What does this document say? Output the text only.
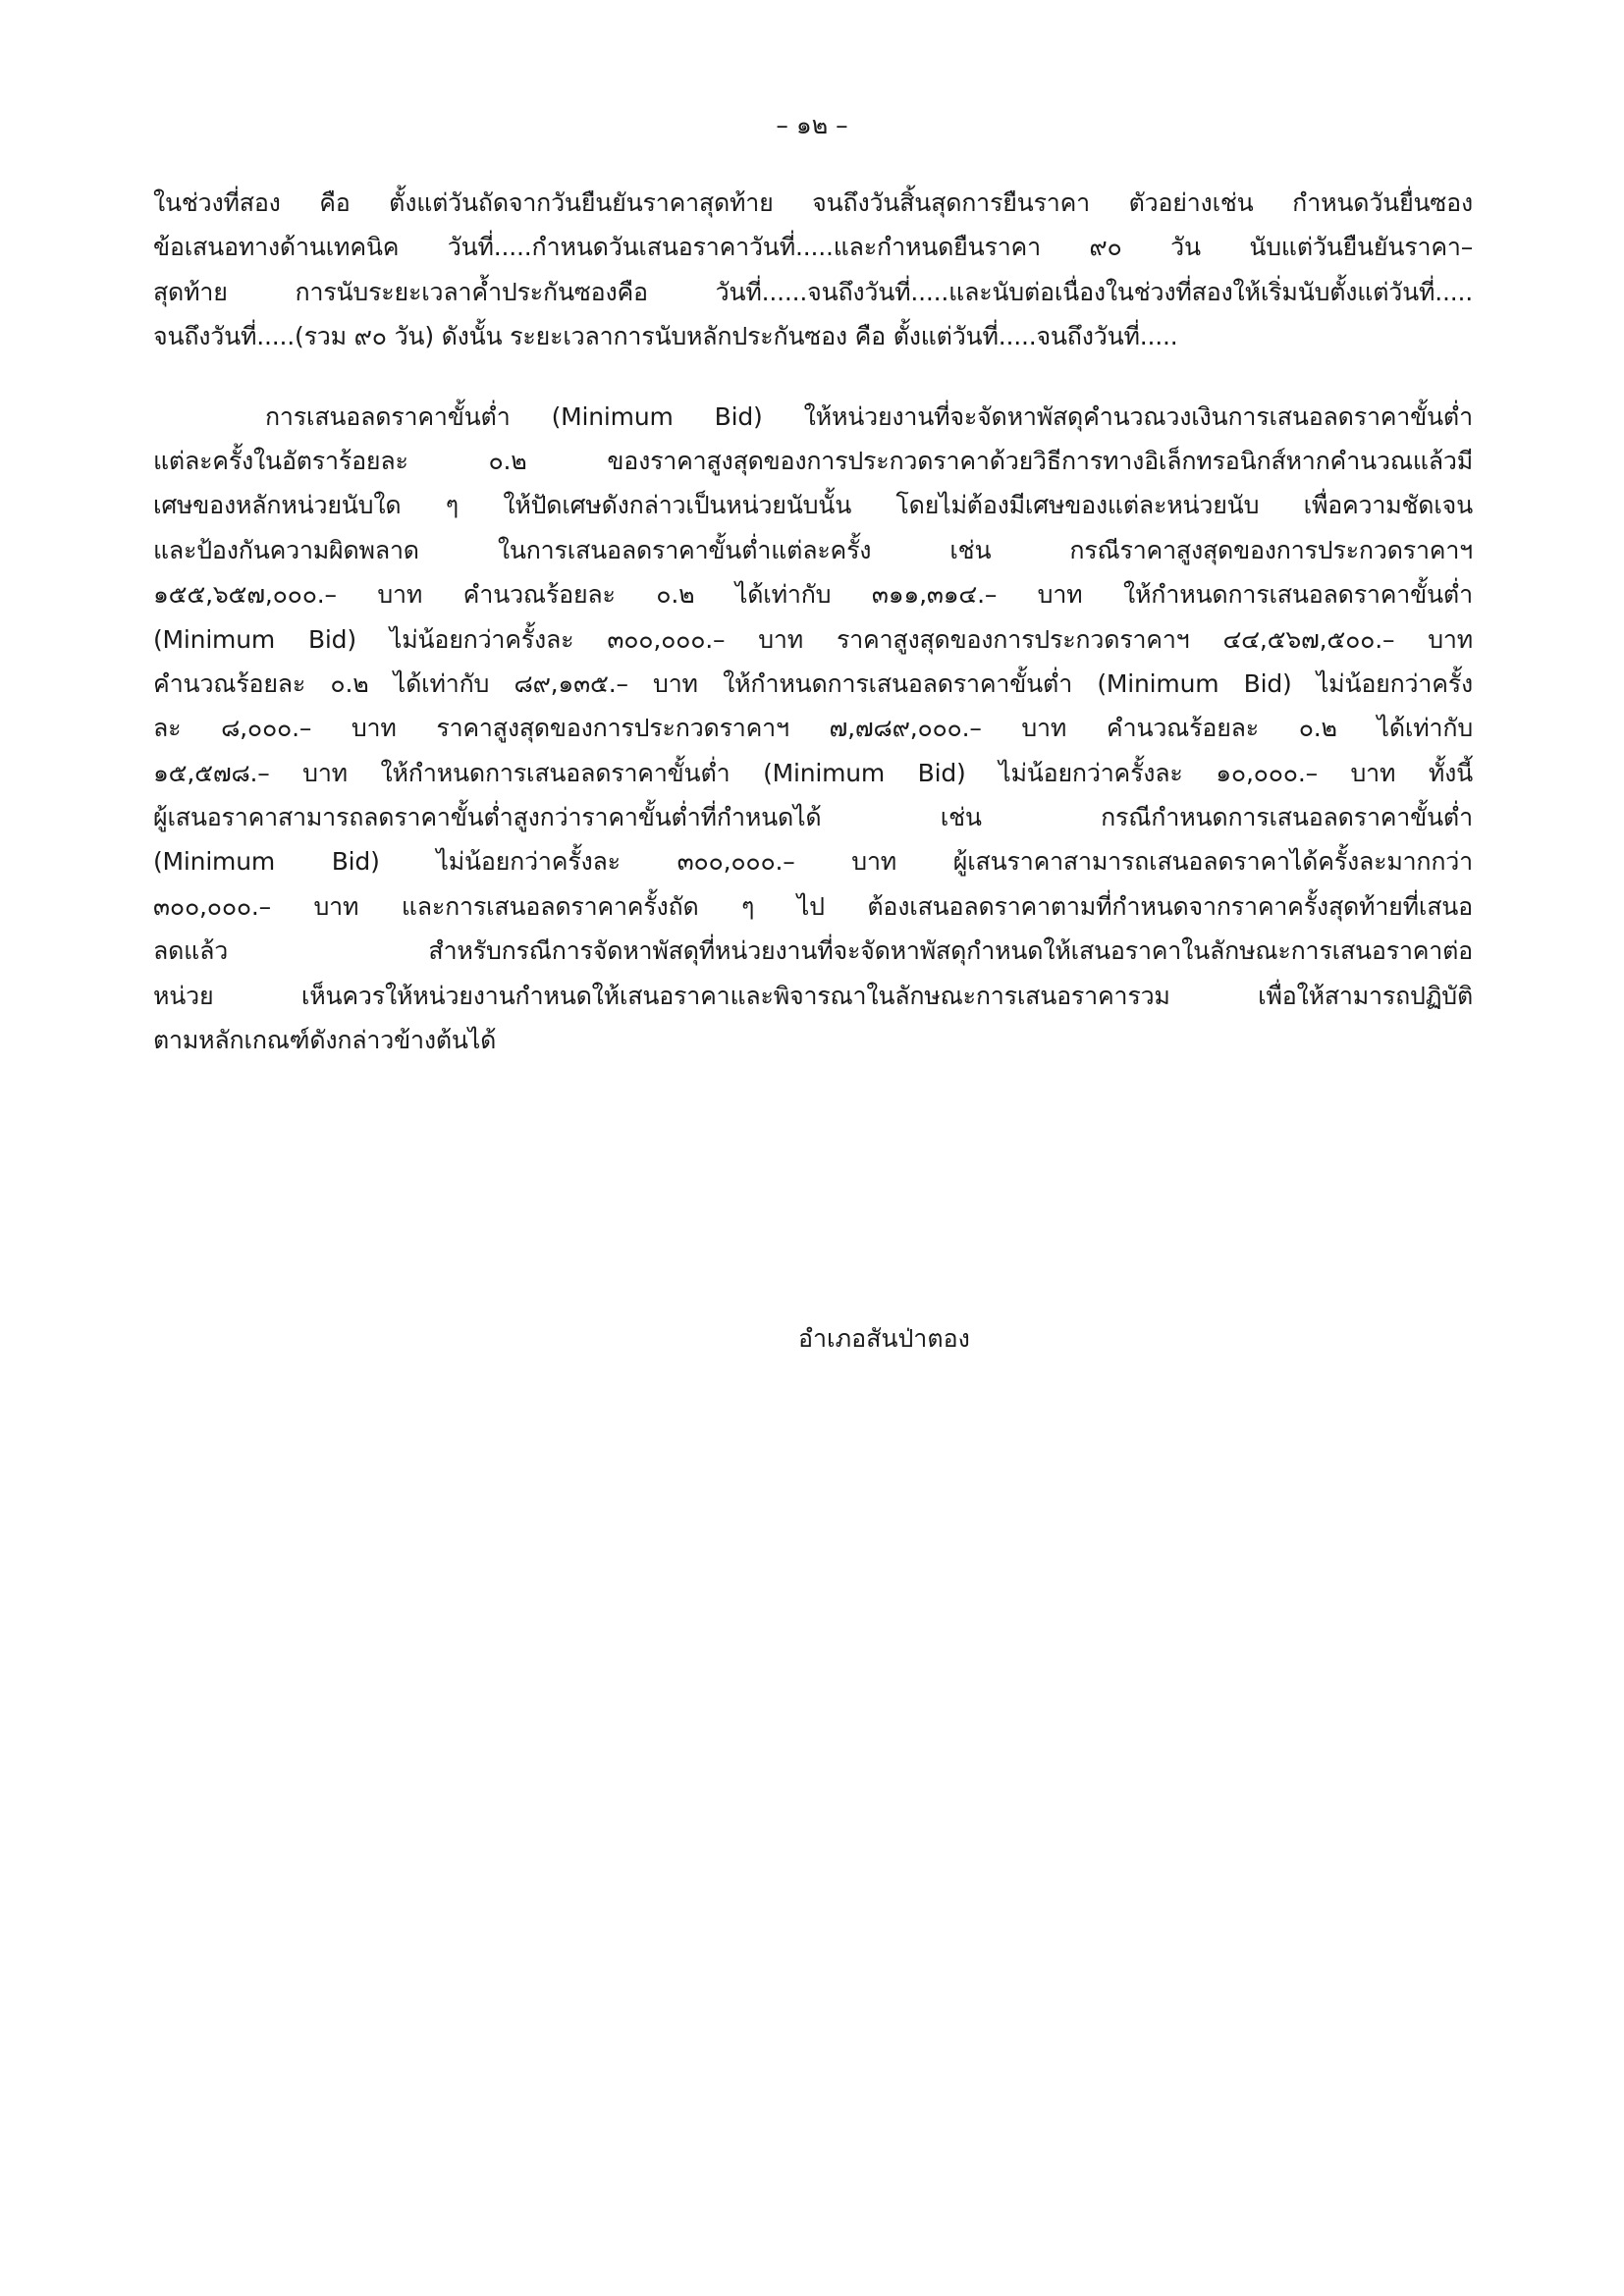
– ๑๒ –
ในช่วงที่สอง คือ ตั้งแต่วันถัดจากวันยืนยันราคาสุดท้าย จนถึงวันสิ้นสุดการยืนราคา ตัวอย่างเช่น กำหนดวันยื่นซอง
ข้อเสนอทางด้านเทคนิค วันที่.....กำหนดวันเสนอราคาวันที่.....และกำหนดยืนราคา ๙๐ วัน นับแต่วันยืนยันราคา–
สุดท้าย การนับระยะเวลาค้ำประกันซองคือ วันที่......จนถึงวันที่.....และนับต่อเนื่องในช่วงที่สองให้เริ่มนับตั้งแต่วันที่.....
จนถึงวันที่.....(รวม ๙๐ วัน) ดังนั้น ระยะเวลาการนับหลักประกันซอง คือ ตั้งแต่วันที่.....จนถึงวันที่.....
การเสนอลดราคาขั้นต่ำ (Minimum Bid) ให้หน่วยงานที่จะจัดหาพัสดุคำนวณวงเงินการเสนอลดราคาขั้นต่ำ
แต่ละครั้งในอัตราร้อยละ ๐.๒ ของราคาสูงสุดของการประกวดราคาด้วยวิธีการทางอิเล็กทรอนิกส์หากคำนวณแล้วมี
เศษของหลักหน่วยนับใด ๆ ให้ปัดเศษดังกล่าวเป็นหน่วยนับนั้น โดยไม่ต้องมีเศษของแต่ละหน่วยนับ เพื่อความชัดเจน
และป้องกันความผิดพลาด ในการเสนอลดราคาขั้นต่ำแต่ละครั้ง เช่น กรณีราคาสูงสุดของการประกวดราคาฯ
๑๕๕,๖๕๗,๐๐๐.– บาท คำนวณร้อยละ ๐.๒ ได้เท่ากับ ๓๑๑,๓๑๔.– บาท ให้กำหนดการเสนอลดราคาขั้นต่ำ
(Minimum Bid) ไม่น้อยกว่าครั้งละ ๓๐๐,๐๐๐.– บาท ราคาสูงสุดของการประกวดราคาฯ ๔๔,๕๖๗,๕๐๐.– บาท
คำนวณร้อยละ ๐.๒ ได้เท่ากับ ๘๙,๑๓๕.– บาท ให้กำหนดการเสนอลดราคาขั้นต่ำ (Minimum Bid) ไม่น้อยกว่าครั้ง
ละ ๘,๐๐๐.– บาท ราคาสูงสุดของการประกวดราคาฯ ๗,๗๘๙,๐๐๐.– บาท คำนวณร้อยละ ๐.๒ ได้เท่ากับ
๑๕,๕๗๘.– บาท ให้กำหนดการเสนอลดราคาขั้นต่ำ (Minimum Bid) ไม่น้อยกว่าครั้งละ ๑๐,๐๐๐.– บาท ทั้งนี้
ผู้เสนอราคาสามารถลดราคาขั้นต่ำสูงกว่าราคาขั้นต่ำที่กำหนดได้ เช่น กรณีกำหนดการเสนอลดราคาขั้นต่ำ
(Minimum Bid) ไม่น้อยกว่าครั้งละ ๓๐๐,๐๐๐.– บาท ผู้เสนราคาสามารถเสนอลดราคาได้ครั้งละมากกว่า
๓๐๐,๐๐๐.– บาท และการเสนอลดราคาครั้งถัด ๆ ไป ต้องเสนอลดราคาตามที่กำหนดจากราคาครั้งสุดท้ายที่เสนอ
ลดแล้ว สำหรับกรณีการจัดหาพัสดุที่หน่วยงานที่จะจัดหาพัสดุกำหนดให้เสนอราคาในลักษณะการเสนอราคาต่อ
หน่วย เห็นควรให้หน่วยงานกำหนดให้เสนอราคาและพิจารณาในลักษณะการเสนอราคารวม เพื่อให้สามารถปฏิบัติ
ตามหลักเกณฑ์ดังกล่าวข้างต้นได้
อำเภอสันป่าตอง
